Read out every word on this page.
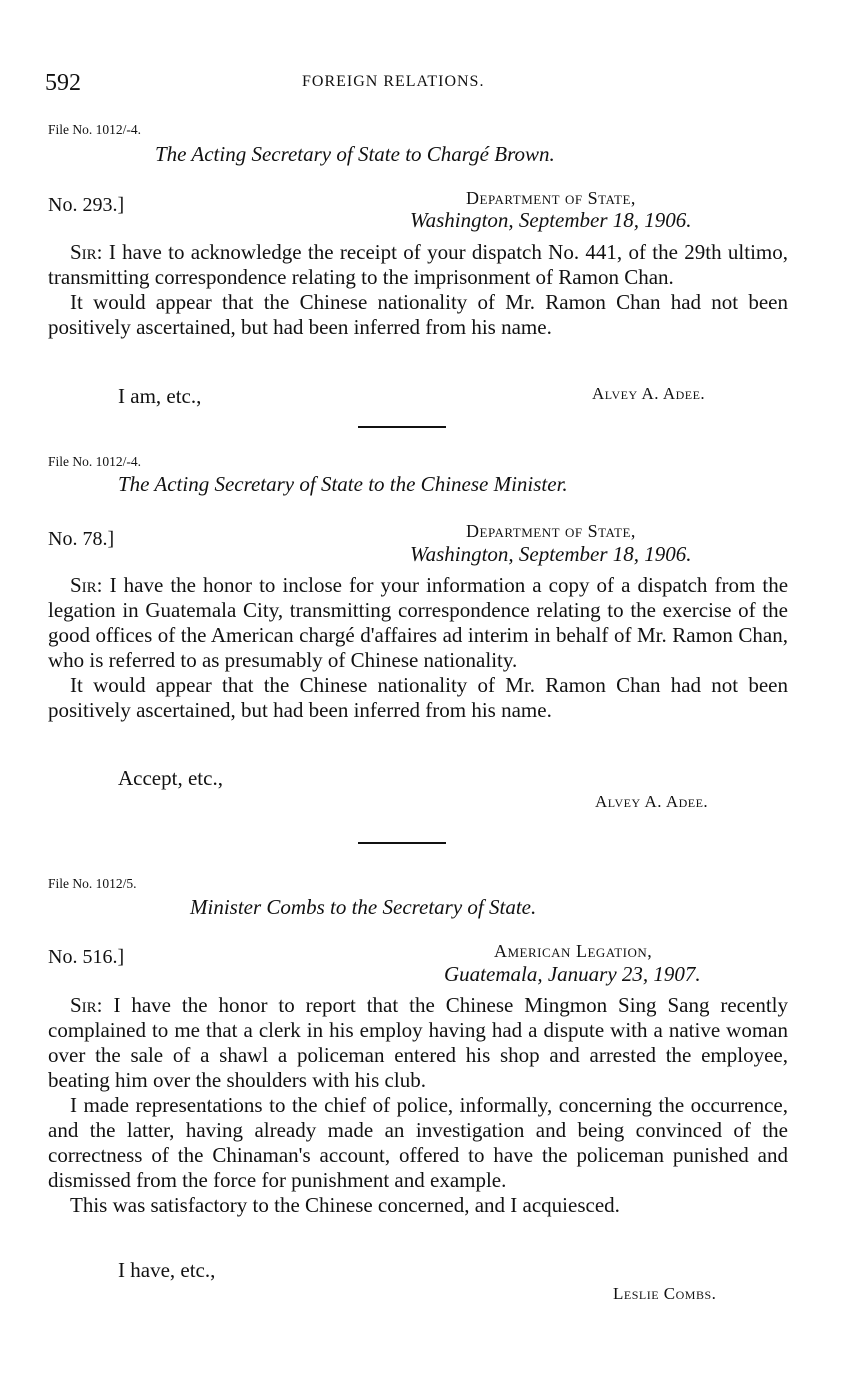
592	FOREIGN RELATIONS.
File No. 1012/-4.
The Acting Secretary of State to Chargé Brown.
No. 293.]	Department of State,
Washington, September 18, 1906.

Sir: I have to acknowledge the receipt of your dispatch No. 441, of the 29th ultimo, transmitting correspondence relating to the imprisonment of Ramon Chan.

It would appear that the Chinese nationality of Mr. Ramon Chan had not been positively ascertained, but had been inferred from his name.

I am, etc.,	Alvey A. Adee.
File No. 1012/-4.
The Acting Secretary of State to the Chinese Minister.
No. 78.]	Department of State,
Washington, September 18, 1906.

Sir: I have the honor to inclose for your information a copy of a dispatch from the legation in Guatemala City, transmitting correspondence relating to the exercise of the good offices of the American chargé d'affaires ad interim in behalf of Mr. Ramon Chan, who is referred to as presumably of Chinese nationality.

It would appear that the Chinese nationality of Mr. Ramon Chan had not been positively ascertained, but had been inferred from his name.

Accept, etc.,
Alvey A. Adee.
File No. 1012/5.
Minister Combs to the Secretary of State.
No. 516.]	American Legation,
Guatemala, January 23, 1907.

Sir: I have the honor to report that the Chinese Mingmon Sing Sang recently complained to me that a clerk in his employ having had a dispute with a native woman over the sale of a shawl a policeman entered his shop and arrested the employee, beating him over the shoulders with his club.

I made representations to the chief of police, informally, concerning the occurrence, and the latter, having already made an investigation and being convinced of the correctness of the Chinaman's account, offered to have the policeman punished and dismissed from the force for punishment and example.

This was satisfactory to the Chinese concerned, and I acquiesced.

I have, etc.,
Leslie Combs.
